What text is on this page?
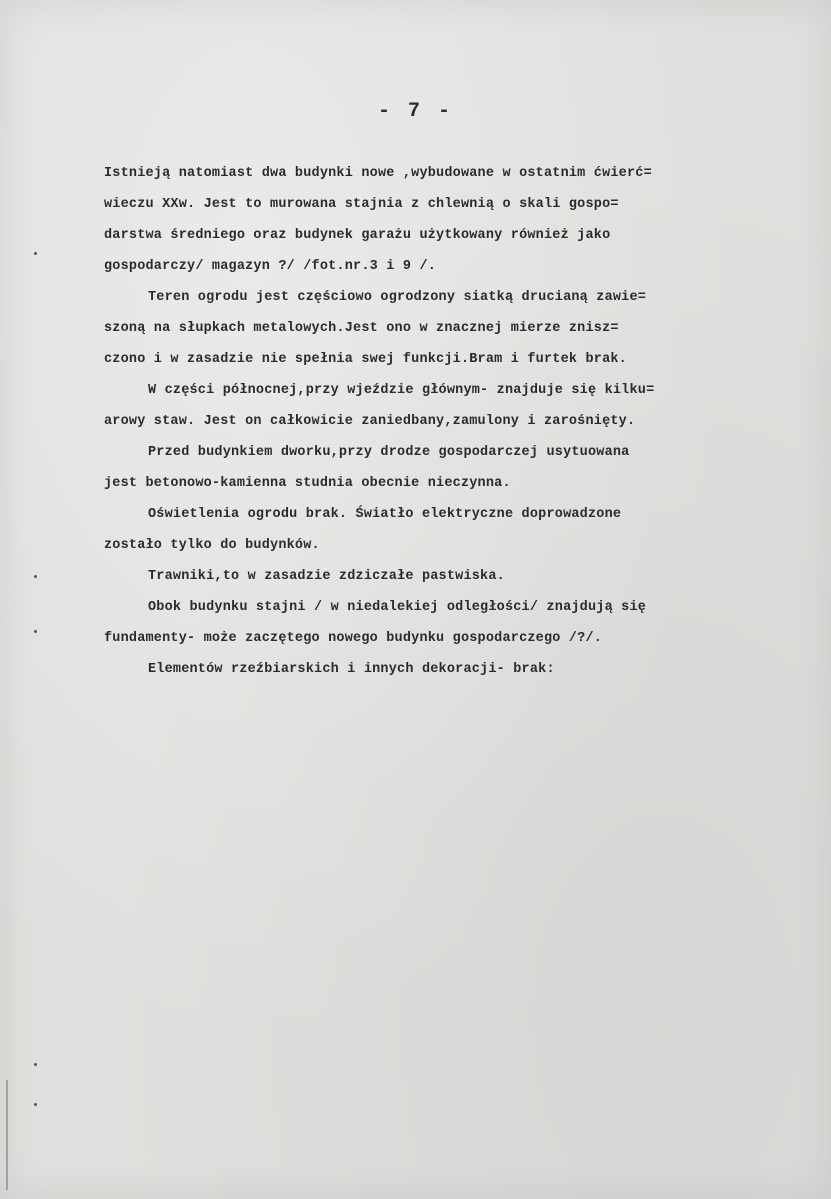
- 7 -
Istnieją natomiast dwa budynki nowe ,wybudowane w ostatnim ćwierć=
wieczu XXw. Jest to murowana stajnia z chlewnią o skali gospo=
darstwa średniego oraz budynek garażu użytkowany również jako
gospodarczy/ magazyn ?/ /fot.nr.3 i 9 /.
Teren ogrodu jest częściowo ogrodzony siatką drucianą zawie=
szoną na słupkach metalowych.Jest ono w znacznej mierze znisz=
czono i w zasadzie nie spełnia swej funkcji.Bram i furtek brak.
W części północnej,przy wjeździe głównym- znajduje się kilku=
arowy staw. Jest on całkowicie zaniedbany,zamulony i zarośnięty.
Przed budynkiem dworku,przy drodze gospodarczej usytuowana
jest betonowo-kamienna studnia obecnie nieczynna.
Oświetlenia ogrodu brak. Światło elektryczne doprowadzone
zostało tylko do budynków.
Trawniki,to w zasadzie zdziczałe pastwiska.
Obok budynku stajni / w niedalekiej odległości/ znajdują się
fundamenty- może zaczętego nowego budynku gospodarczego /?/.
Elementów rzeźbiarskich i innych dekoracji- brak:
